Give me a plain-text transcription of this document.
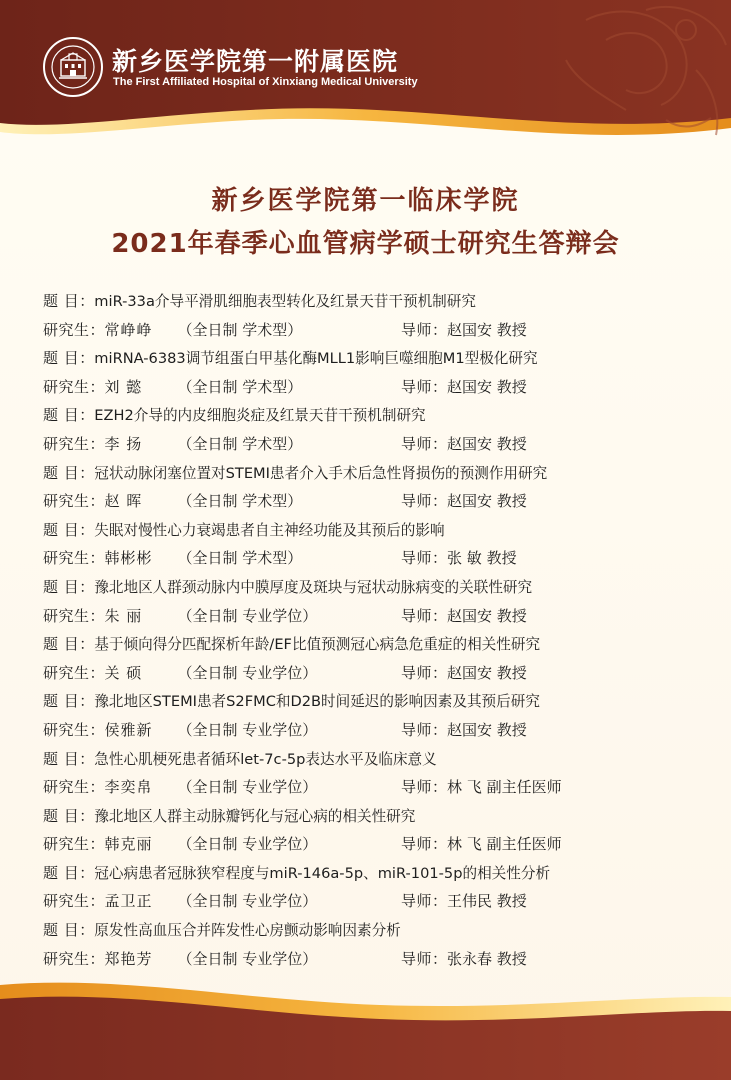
新乡医学院第一附属医院
The First Affiliated Hospital of Xinxiang Medical University
新乡医学院第一临床学院
2021年春季心血管病学硕士研究生答辩会
题 目：miR-33a介导平滑肌细胞表型转化及红景天苷干预机制研究
研究生：常峥峥 （全日制 学术型）	导师：赵国安 教授
题 目：miRNA-6383调节组蛋白甲基化酶MLL1影响巨噬细胞M1型极化研究
研究生：刘 懿 （全日制 学术型）	导师：赵国安 教授
题 目：EZH2介导的内皮细胞炎症及红景天苷干预机制研究
研究生：李 扬 （全日制 学术型）	导师：赵国安 教授
题 目：冠状动脉闭塞位置对STEMI患者介入手术后急性肾损伤的预测作用研究
研究生：赵 晖 （全日制 学术型）	导师：赵国安 教授
题 目：失眠对慢性心力衰竭患者自主神经功能及其预后的影响
研究生：韩彬彬 （全日制 学术型）	导师：张 敏 教授
题 目：豫北地区人群颈动脉内中膜厚度及斑块与冠状动脉病变的关联性研究
研究生：朱 丽 （全日制 专业学位）	导师：赵国安 教授
题 目：基于倾向得分匹配探析年龄/EF比值预测冠心病急危重症的相关性研究
研究生：关 硕 （全日制 专业学位）	导师：赵国安 教授
题 目：豫北地区STEMI患者S2FMC和D2B时间延迟的影响因素及其预后研究
研究生：侯雅新 （全日制 专业学位）	导师：赵国安 教授
题 目：急性心肌梗死患者循环let-7c-5p表达水平及临床意义
研究生：李奕帛 （全日制 专业学位）	导师：林 飞 副主任医师
题 目：豫北地区人群主动脉瓣钙化与冠心病的相关性研究
研究生：韩克丽 （全日制 专业学位）	导师：林 飞 副主任医师
题 目：冠心病患者冠脉狭窄程度与miR-146a-5p、miR-101-5p的相关性分析
研究生：孟卫正 （全日制 专业学位）	导师：王伟民 教授
题 目：原发性高血压合并阵发性心房颤动影响因素分析
研究生：郑艳芳 （全日制 专业学位）	导师：张永春 教授
